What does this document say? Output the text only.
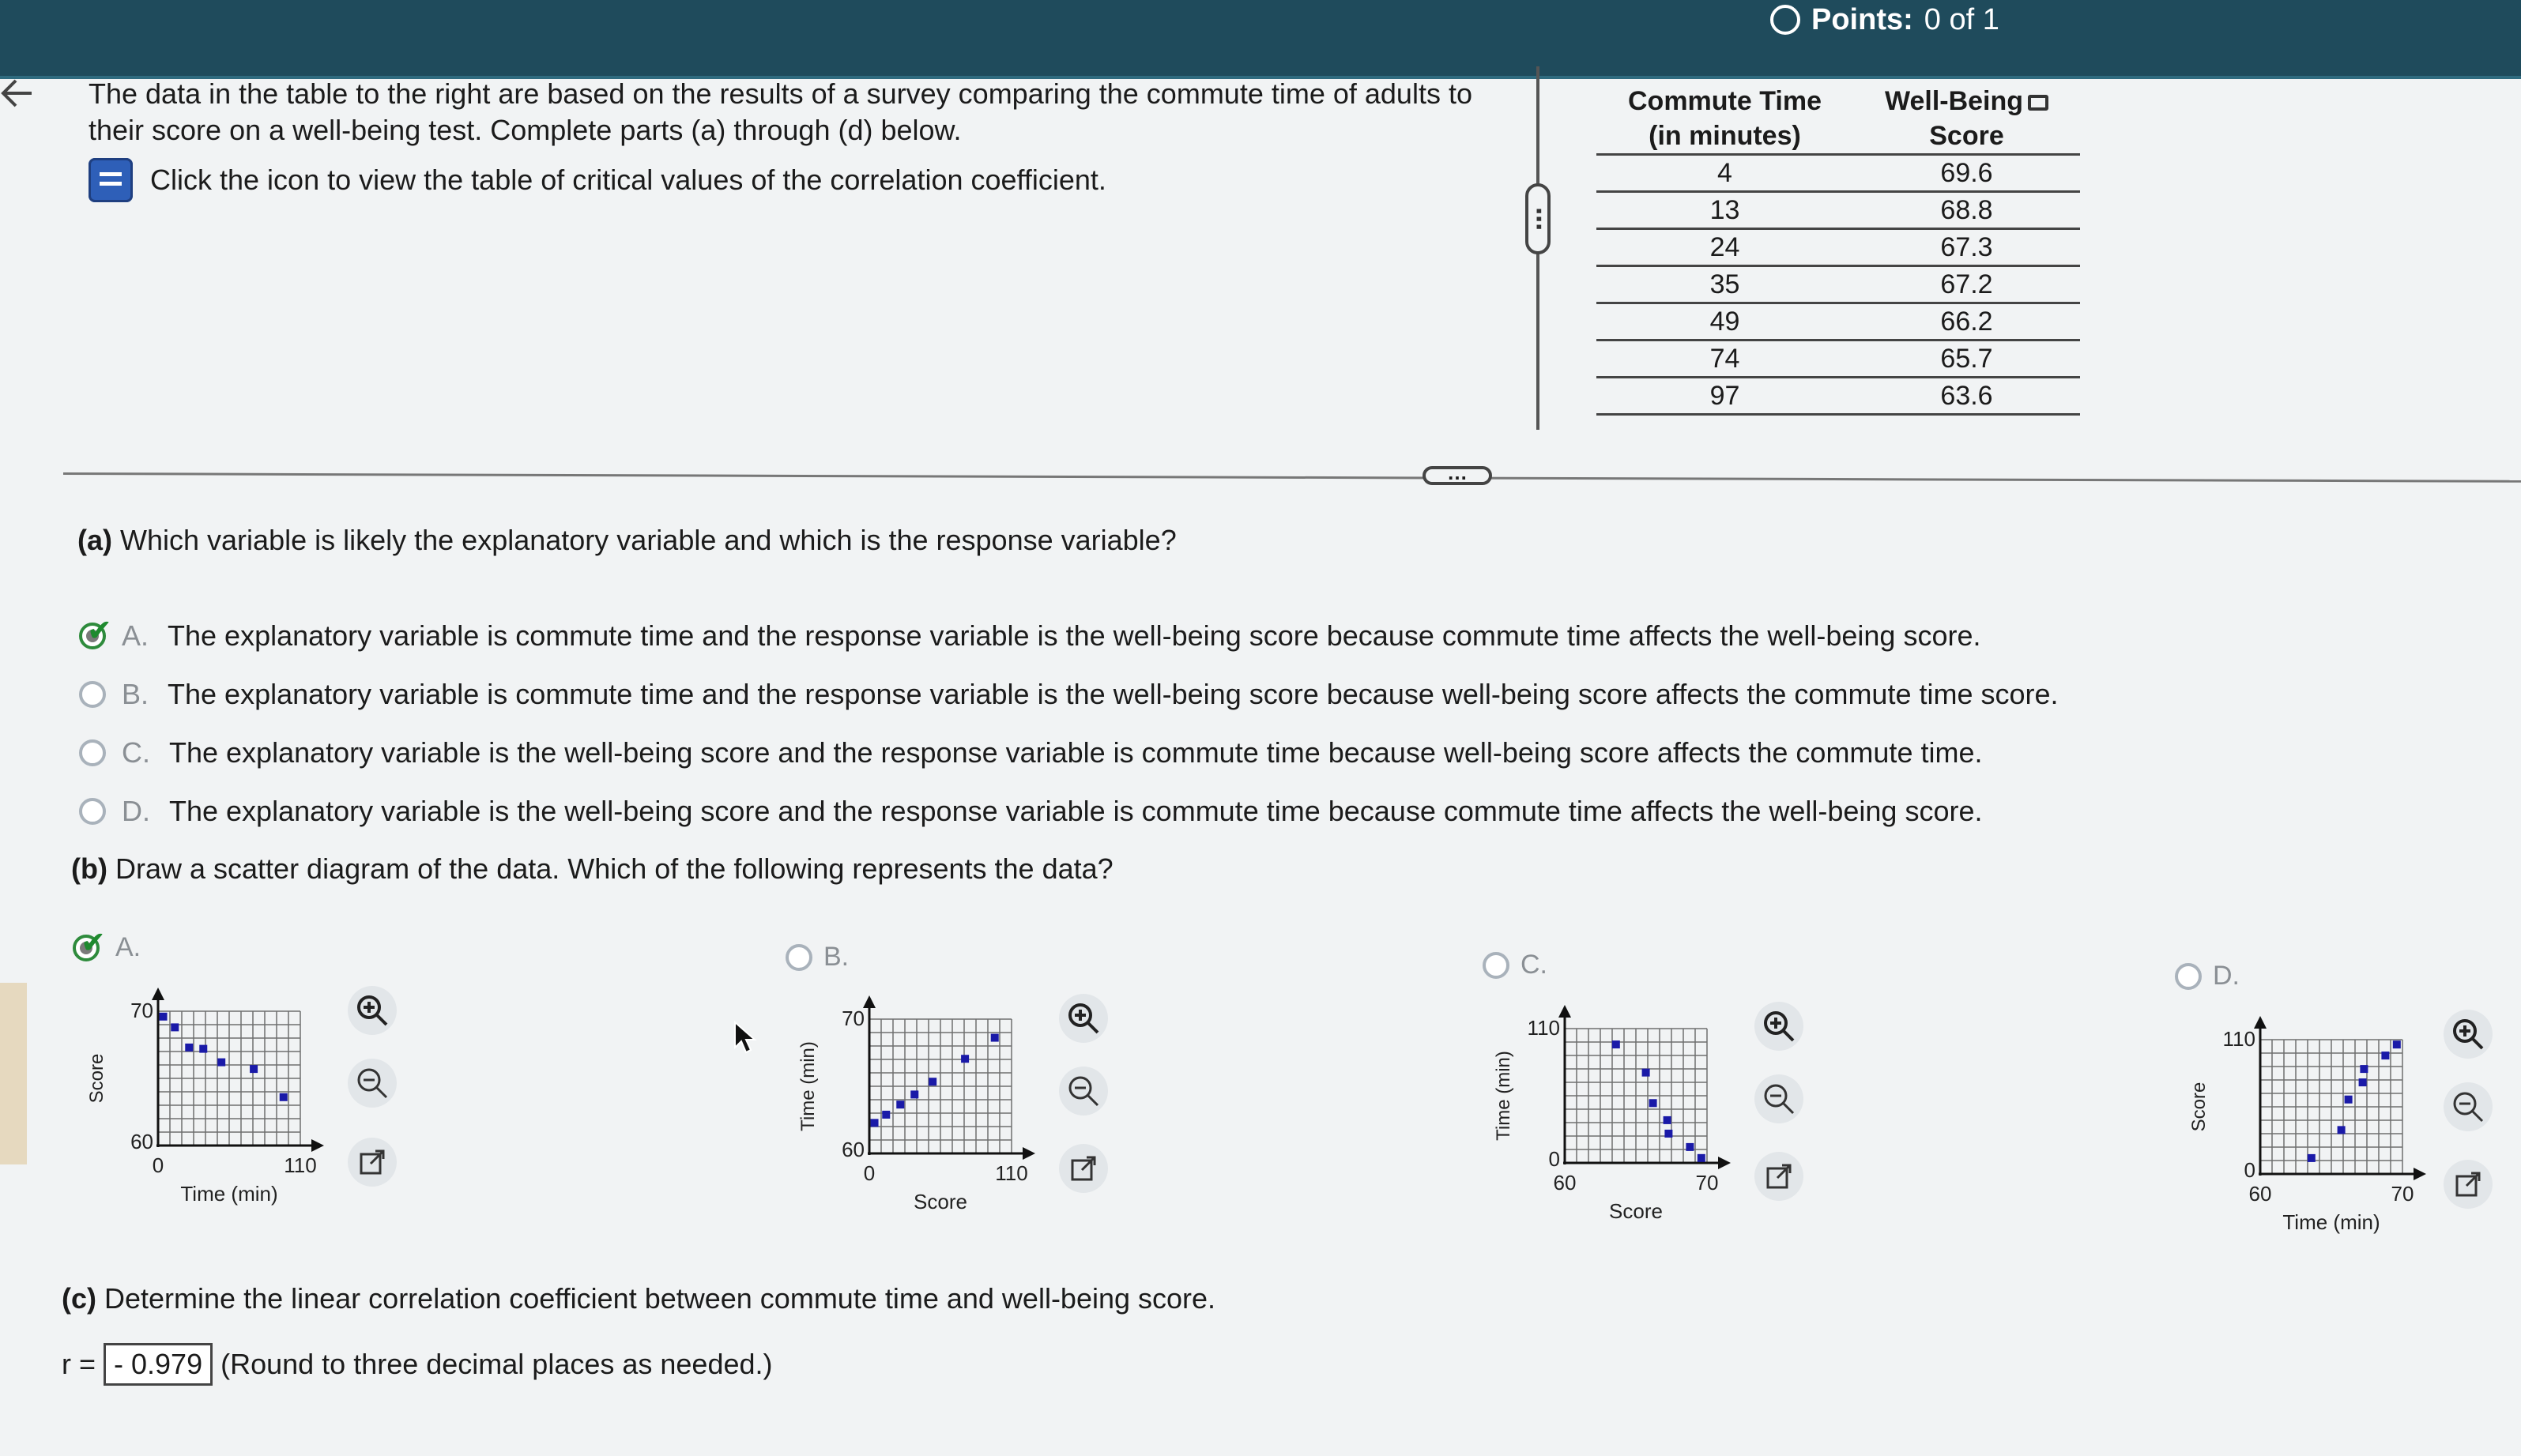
Points: 0 of 1
The data in the table to the right are based on the results of a survey comparing the commute time of adults to their score on a well-being test. Complete parts (a) through (d) below.
Click the icon to view the table of critical values of the correlation coefficient.
⋯
Commute Time	Well-Being
(in minutes)	Score
4	69.6
13	68.8
24	67.3
35	67.2
49	66.2
74	65.7
97	63.6
…
(a) Which variable is likely the explanatory variable and which is the response variable?
✔
A. The explanatory variable is commute time and the response variable is the well-being score because commute time affects the well-being score.
B. The explanatory variable is commute time and the response variable is the well-being score because well-being score affects the commute time score.
C. The explanatory variable is the well-being score and the response variable is commute time because well-being score affects the commute time.
D. The explanatory variable is the well-being score and the response variable is commute time because commute time affects the well-being score.
(b) Draw a scatter diagram of the data. Which of the following represents the data?
✔
A.
70
60
0	110
Time (min)
Score
B.
70
60
0	110
Score
Time (min)
C.
110
0
60	70
Score
Time (min)
D.
110
0
60	70
Time (min)
Score
(c) Determine the linear correlation coefficient between commute time and well-being score.
r = - 0.979 (Round to three decimal places as needed.)
